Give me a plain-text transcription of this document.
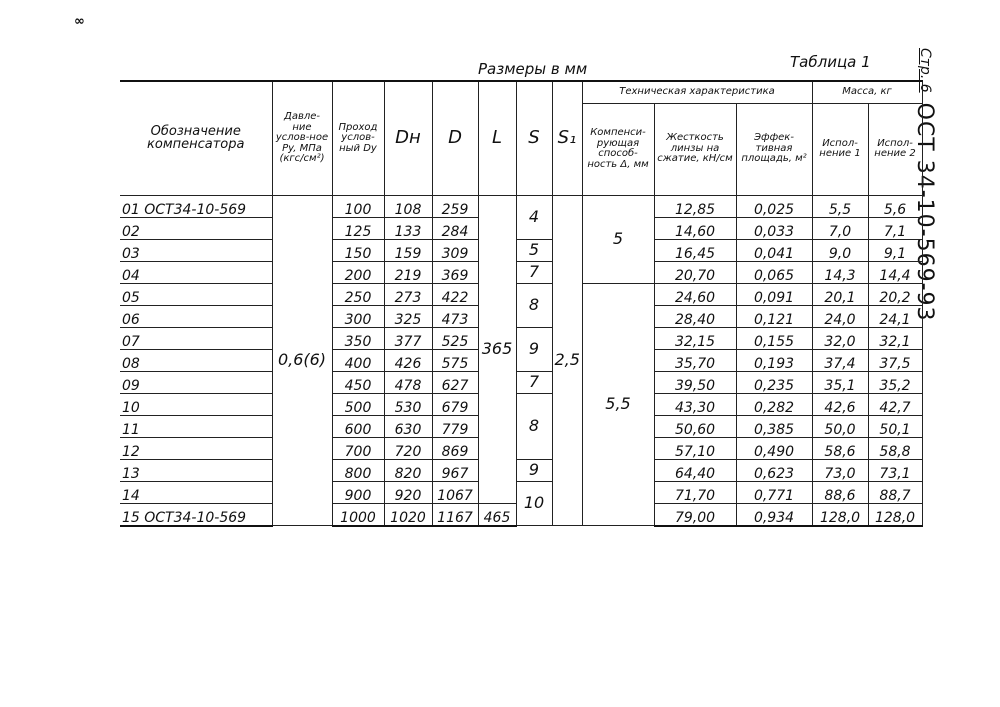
∞
Размеры в мм	Таблица 1	Стр. 6
ОСТ 34-10-569-93
Обозначение компенсатора	Давле-ние услов-ное Py, МПа (кгс/см²)	Проход услов-ный Dy	Dн	D	L	S	S₁	Техническая характеристика			Масса, кг	
								Компенси-рующая способ-ность Δ, мм	Жесткость линзы на сжатие, кН/см	Эффек-тивная площадь, м²	Испол-нение 1	Испол-нение 2
01 ОСТ34-10-569	0,6(6)	100	108	259	365	4	2,5	5	12,85	0,025	5,5	5,6
02		125	133	284					14,60	0,033	7,0	7,1
03		150	159	309		5			16,45	0,041	9,0	9,1
04		200	219	369		7			20,70	0,065	14,3	14,4
05		250	273	422		8		5,5	24,60	0,091	20,1	20,2
06		300	325	473					28,40	0,121	24,0	24,1
07		350	377	525		9			32,15	0,155	32,0	32,1
08		400	426	575					35,70	0,193	37,4	37,5
09		450	478	627		7			39,50	0,235	35,1	35,2
10		500	530	679		8			43,30	0,282	42,6	42,7
11		600	630	779					50,60	0,385	50,0	50,1
12		700	720	869					57,10	0,490	58,6	58,8
13		800	820	967		9			64,40	0,623	73,0	73,1
14		900	920	1067		10			71,70	0,771	88,6	88,7
15 ОСТ34-10-569		1000	1020	1167	465				79,00	0,934	128,0	128,0
